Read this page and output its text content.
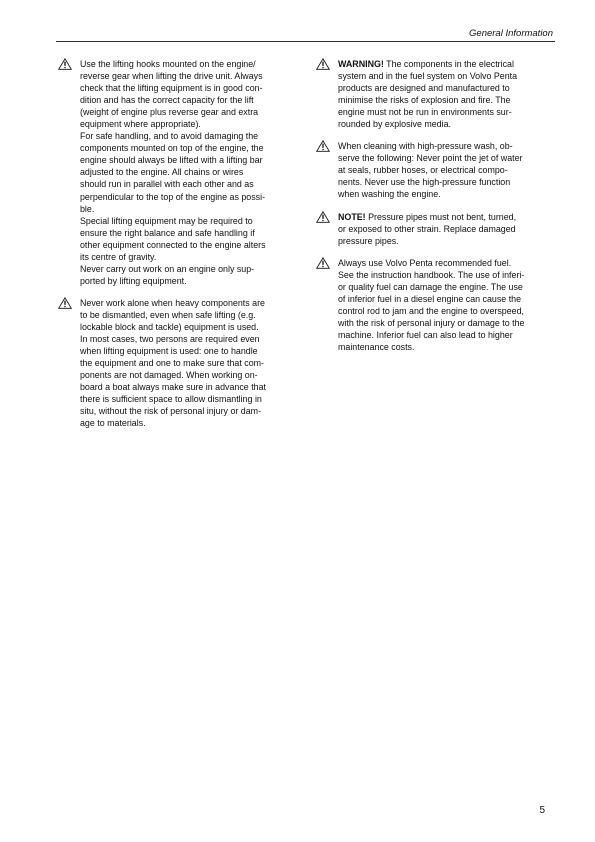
General Information

Use the lifting hooks mounted on the engine/
reverse gear when lifting the drive unit. Always
check that the lifting equipment is in good con-
dition and has the correct capacity for the lift
(weight of engine plus reverse gear and extra
equipment where appropriate).

For safe handling, and to avoid damaging the
components mounted on top of the engine, the
engine should always be lifted with a lifting bar
adjusted to the engine. All chains or wires
should run in parallel with each other and as
perpendicular to the top of the engine as possi-
ble.

Special lifting equipment may be required to
ensure the right balance and safe handling if
other equipment connected to the engine alters
its centre of gravity.

Never carry out work on an engine only sup-
ported by lifting equipment.

Never work alone when heavy components are
to be dismantled, even when safe lifting (e.g.
lockable block and tackle) equipment is used.

In most cases, two persons are required even
when lifting equipment is used: one to handle
the equipment and one to make sure that com-
ponents are not damaged. When working on-
board a boat always make sure in advance that
there is sufficient space to allow dismantling in
situ, without the risk of personal injury or dam-
age to materials.

WARNING! The components in the electrical
system and in the fuel system on Volvo Penta
products are designed and manufactured to
minimise the risks of explosion and fire. The
engine must not be run in environments sur-
rounded by explosive media.

When cleaning with high-pressure wash, ob-
serve the following: Never point the jet of water
at seals, rubber hoses, or electrical compo-
nents. Never use the high-pressure function
when washing the engine.

NOTE! Pressure pipes must not bent, turned,
or exposed to other strain. Replace damaged
pressure pipes.

Always use Volvo Penta recommended fuel.
See the instruction handbook. The use of inferi-
or quality fuel can damage the engine. The use
of inferior fuel in a diesel engine can cause the
control rod to jam and the engine to overspeed,
with the risk of personal injury or damage to the
machine. Inferior fuel can also lead to higher
maintenance costs.

5
